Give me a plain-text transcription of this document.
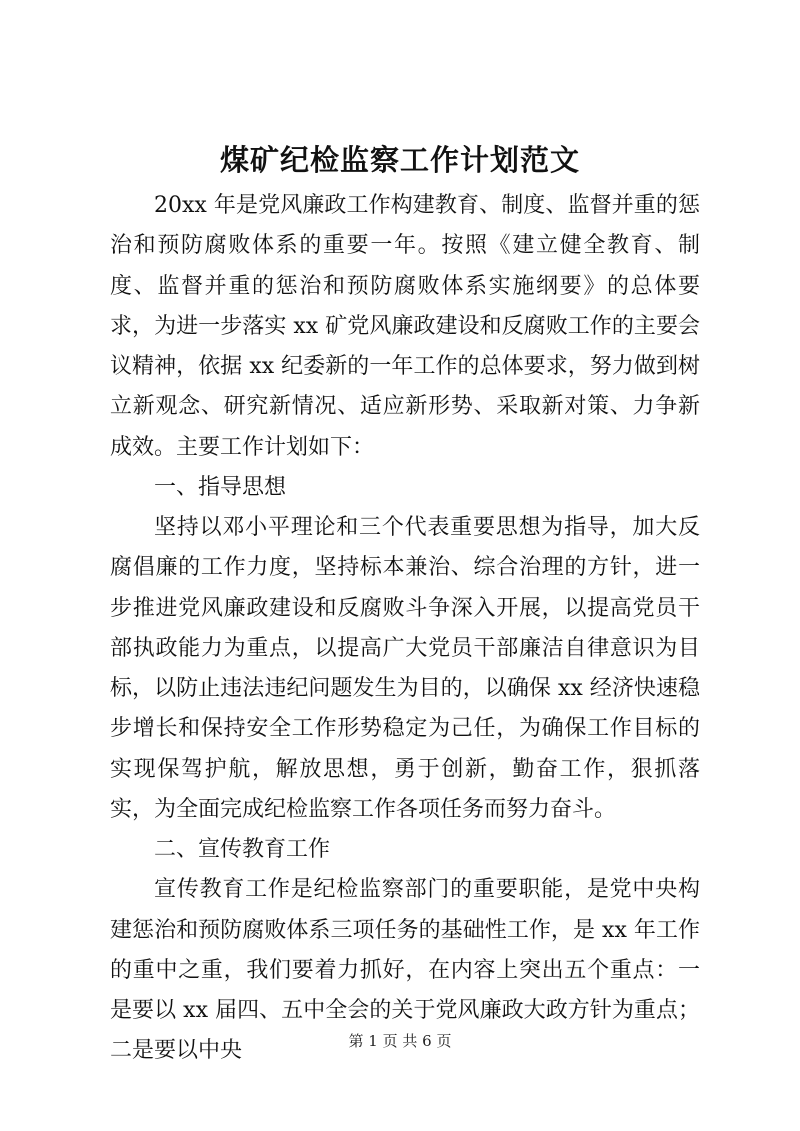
煤矿纪检监察工作计划范文

20xx 年是党风廉政工作构建教育、制度、监督并重的惩治和预防腐败体系的重要一年。按照《建立健全教育、制度、监督并重的惩治和预防腐败体系实施纲要》的总体要求，为进一步落实 xx 矿党风廉政建设和反腐败工作的主要会议精神，依据 xx 纪委新的一年工作的总体要求，努力做到树立新观念、研究新情况、适应新形势、采取新对策、力争新成效。主要工作计划如下：

一、指导思想

坚持以邓小平理论和三个代表重要思想为指导，加大反腐倡廉的工作力度，坚持标本兼治、综合治理的方针，进一步推进党风廉政建设和反腐败斗争深入开展，以提高党员干部执政能力为重点，以提高广大党员干部廉洁自律意识为目标，以防止违法违纪问题发生为目的，以确保 xx 经济快速稳步增长和保持安全工作形势稳定为己任，为确保工作目标的实现保驾护航，解放思想，勇于创新，勤奋工作，狠抓落实，为全面完成纪检监察工作各项任务而努力奋斗。

二、宣传教育工作

宣传教育工作是纪检监察部门的重要职能，是党中央构建惩治和预防腐败体系三项任务的基础性工作，是 xx 年工作的重中之重，我们要着力抓好，在内容上突出五个重点：一是要以 xx 届四、五中全会的关于党风廉政大政方针为重点；二是要以中央	第 1 页 共 6 页
